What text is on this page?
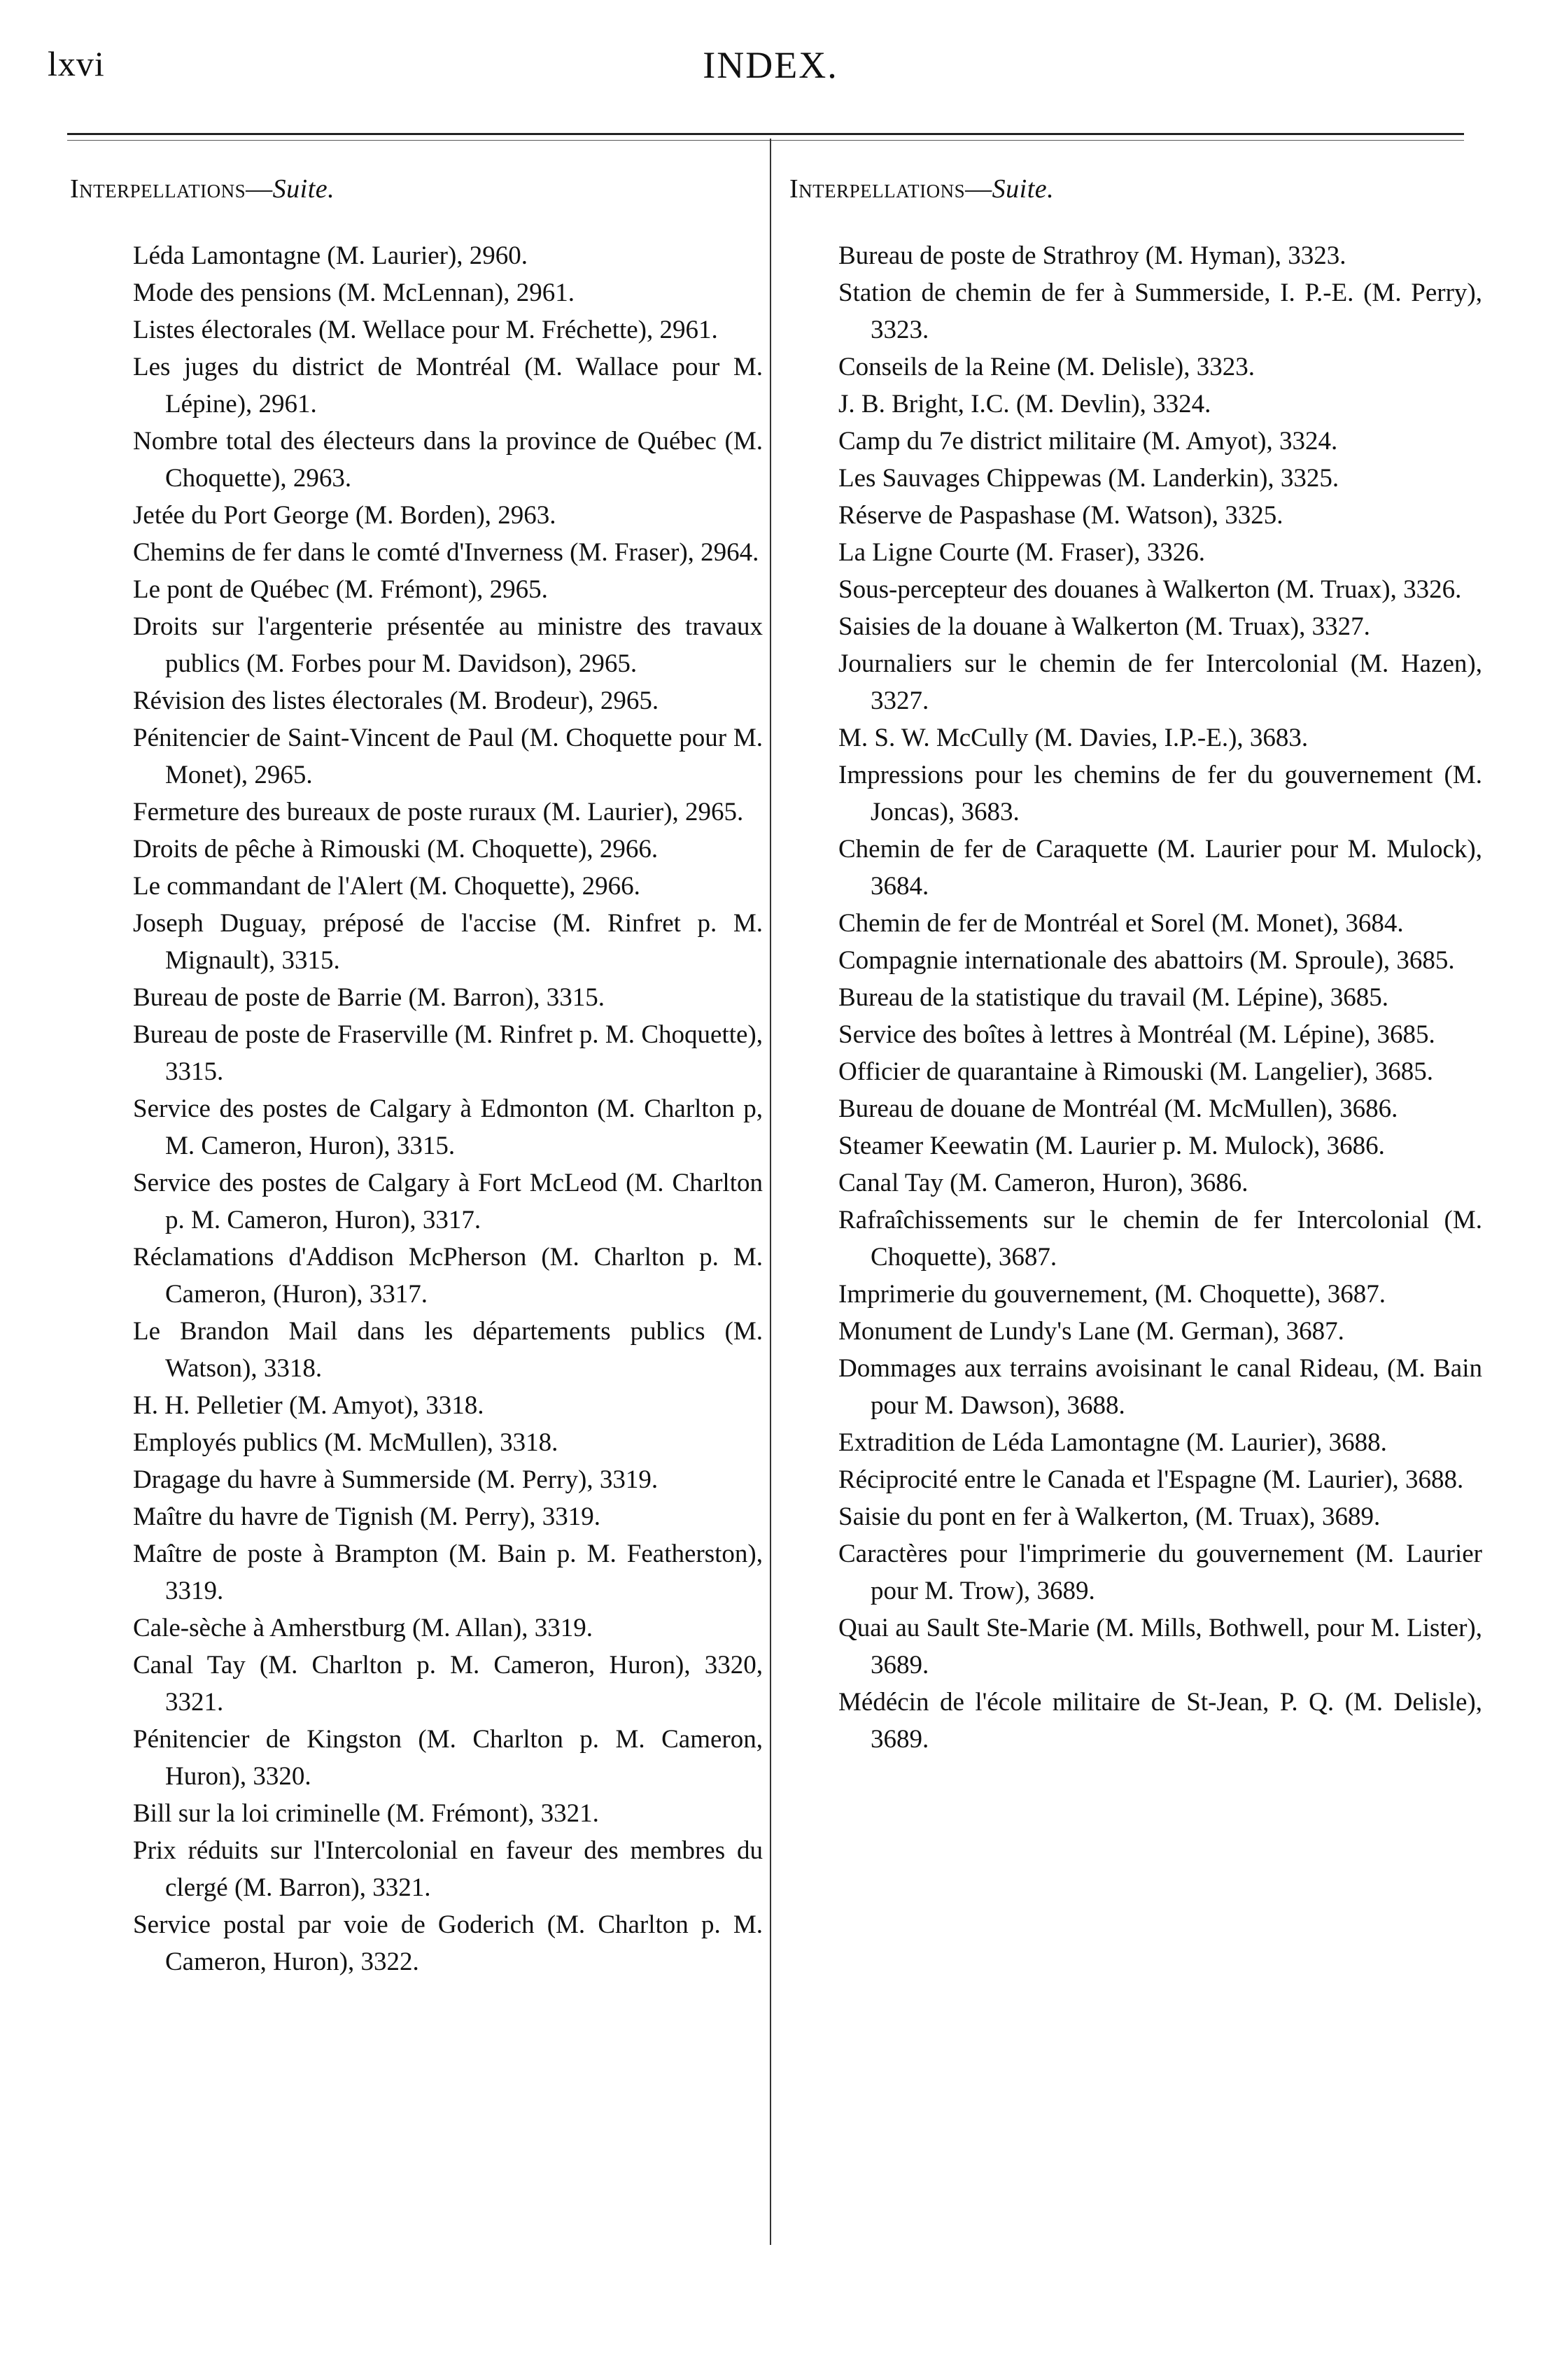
lxvi	INDEX.
Interpellations—Suite.
Léda Lamontagne (M. Laurier), 2960.
Mode des pensions (M. McLennan), 2961.
Listes électorales (M. Wellace pour M. Fréchette), 2961.
Les juges du district de Montréal (M. Wallace pour M. Lépine), 2961.
Nombre total des électeurs dans la province de Québec (M. Choquette), 2963.
Jetée du Port George (M. Borden), 2963.
Chemins de fer dans le comté d'Inverness (M. Fraser), 2964.
Le pont de Québec (M. Frémont), 2965.
Droits sur l'argenterie présentée au ministre des travaux publics (M. Forbes pour M. Davidson), 2965.
Révision des listes électorales (M. Brodeur), 2965.
Pénitencier de Saint-Vincent de Paul (M. Choquette pour M. Monet), 2965.
Fermeture des bureaux de poste ruraux (M. Laurier), 2965.
Droits de pêche à Rimouski (M. Choquette), 2966.
Le commandant de l'Alert (M. Choquette), 2966.
Joseph Duguay, préposé de l'accise (M. Rinfret p. M. Mignault), 3315.
Bureau de poste de Barrie (M. Barron), 3315.
Bureau de poste de Fraserville (M. Rinfret p. M. Choquette), 3315.
Service des postes de Calgary à Edmonton (M. Charlton p, M. Cameron, Huron), 3315.
Service des postes de Calgary à Fort McLeod (M. Charlton p. M. Cameron, Huron), 3317.
Réclamations d'Addison McPherson (M. Charlton p. M. Cameron, (Huron), 3317.
Le Brandon Mail dans les départements publics (M. Watson), 3318.
H. H. Pelletier (M. Amyot), 3318.
Employés publics (M. McMullen), 3318.
Dragage du havre à Summerside (M. Perry), 3319.
Maître du havre de Tignish (M. Perry), 3319.
Maître de poste à Brampton (M. Bain p. M. Featherston), 3319.
Cale-sèche à Amherstburg (M. Allan), 3319.
Canal Tay (M. Charlton p. M. Cameron, Huron), 3320, 3321.
Pénitencier de Kingston (M. Charlton p. M. Cameron, Huron), 3320.
Bill sur la loi criminelle (M. Frémont), 3321.
Prix réduits sur l'Intercolonial en faveur des membres du clergé (M. Barron), 3321.
Service postal par voie de Goderich (M. Charlton p. M. Cameron, Huron), 3322.
Interpellations—Suite.
Bureau de poste de Strathroy (M. Hyman), 3323.
Station de chemin de fer à Summerside, I. P.-E. (M. Perry), 3323.
Conseils de la Reine (M. Delisle), 3323.
J. B. Bright, I.C. (M. Devlin), 3324.
Camp du 7e district militaire (M. Amyot), 3324.
Les Sauvages Chippewas (M. Landerkin), 3325.
Réserve de Paspashase (M. Watson), 3325.
La Ligne Courte (M. Fraser), 3326.
Sous-percepteur des douanes à Walkerton (M. Truax), 3326.
Saisies de la douane à Walkerton (M. Truax), 3327.
Journaliers sur le chemin de fer Intercolonial (M. Hazen), 3327.
M. S. W. McCully (M. Davies, I.P.-E.), 3683.
Impressions pour les chemins de fer du gouvernement (M. Joncas), 3683.
Chemin de fer de Caraquette (M. Laurier pour M. Mulock), 3684.
Chemin de fer de Montréal et Sorel (M. Monet), 3684.
Compagnie internationale des abattoirs (M. Sproule), 3685.
Bureau de la statistique du travail (M. Lépine), 3685.
Service des boîtes à lettres à Montréal (M. Lépine), 3685.
Officier de quarantaine à Rimouski (M. Langelier), 3685.
Bureau de douane de Montréal (M. McMullen), 3686.
Steamer Keewatin (M. Laurier p. M. Mulock), 3686.
Canal Tay (M. Cameron, Huron), 3686.
Rafraîchissements sur le chemin de fer Intercolonial (M. Choquette), 3687.
Imprimerie du gouvernement, (M. Choquette), 3687.
Monument de Lundy's Lane (M. German), 3687.
Dommages aux terrains avoisinant le canal Rideau, (M. Bain pour M. Dawson), 3688.
Extradition de Léda Lamontagne (M. Laurier), 3688.
Réciprocité entre le Canada et l'Espagne (M. Laurier), 3688.
Saisie du pont en fer à Walkerton, (M. Truax), 3689.
Caractères pour l'imprimerie du gouvernement (M. Laurier pour M. Trow), 3689.
Quai au Sault Ste-Marie (M. Mills, Bothwell, pour M. Lister), 3689.
Médécin de l'école militaire de St-Jean, P. Q. (M. Delisle), 3689.
